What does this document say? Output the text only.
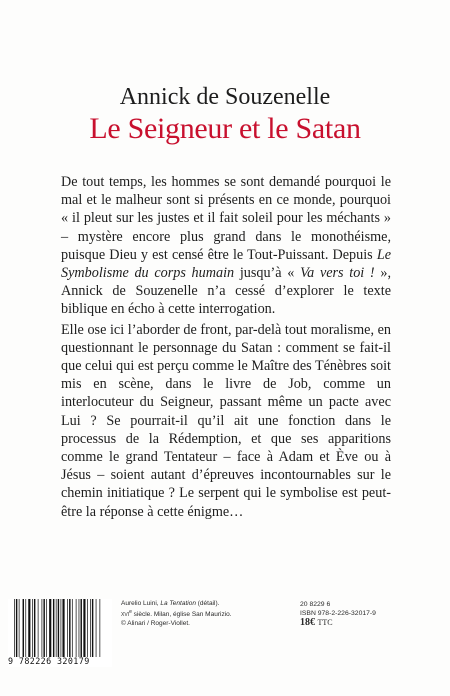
Annick de Souzenelle
Le Seigneur et le Satan

De tout temps, les hommes se sont demandé pourquoi le mal et le malheur sont si présents en ce monde, pourquoi « il pleut sur les justes et il fait soleil pour les méchants » – mystère encore plus grand dans le monothéisme, puisque Dieu y est censé être le Tout-Puissant. Depuis Le Symbolisme du corps humain jusqu’à « Va vers toi ! », Annick de Souzenelle n’a cessé d’explorer le texte biblique en écho à cette interrogation.

Elle ose ici l’aborder de front, par-delà tout moralisme, en questionnant le personnage du Satan : comment se fait-il que celui qui est perçu comme le Maître des Ténèbres soit mis en scène, dans le livre de Job, comme un interlocuteur du Seigneur, passant même un pacte avec Lui ? Se pourrait-il qu’il ait une fonction dans le processus de la Rédemption, et que ses apparitions comme le grand Tentateur – face à Adam et Ève ou à Jésus – soient autant d’épreuves incontournables sur le chemin initiatique ? Le serpent qui le symbolise est peut-être la réponse à cette énigme…

9 782226 320179
Aurelio Luini, La Tentation (détail).
xvi$^e$ siècle. Milan, église San Maurizio.
© Alinari / Roger-Viollet.
20 8229 6
ISBN 978-2-226-32017-9
18€ TTC
